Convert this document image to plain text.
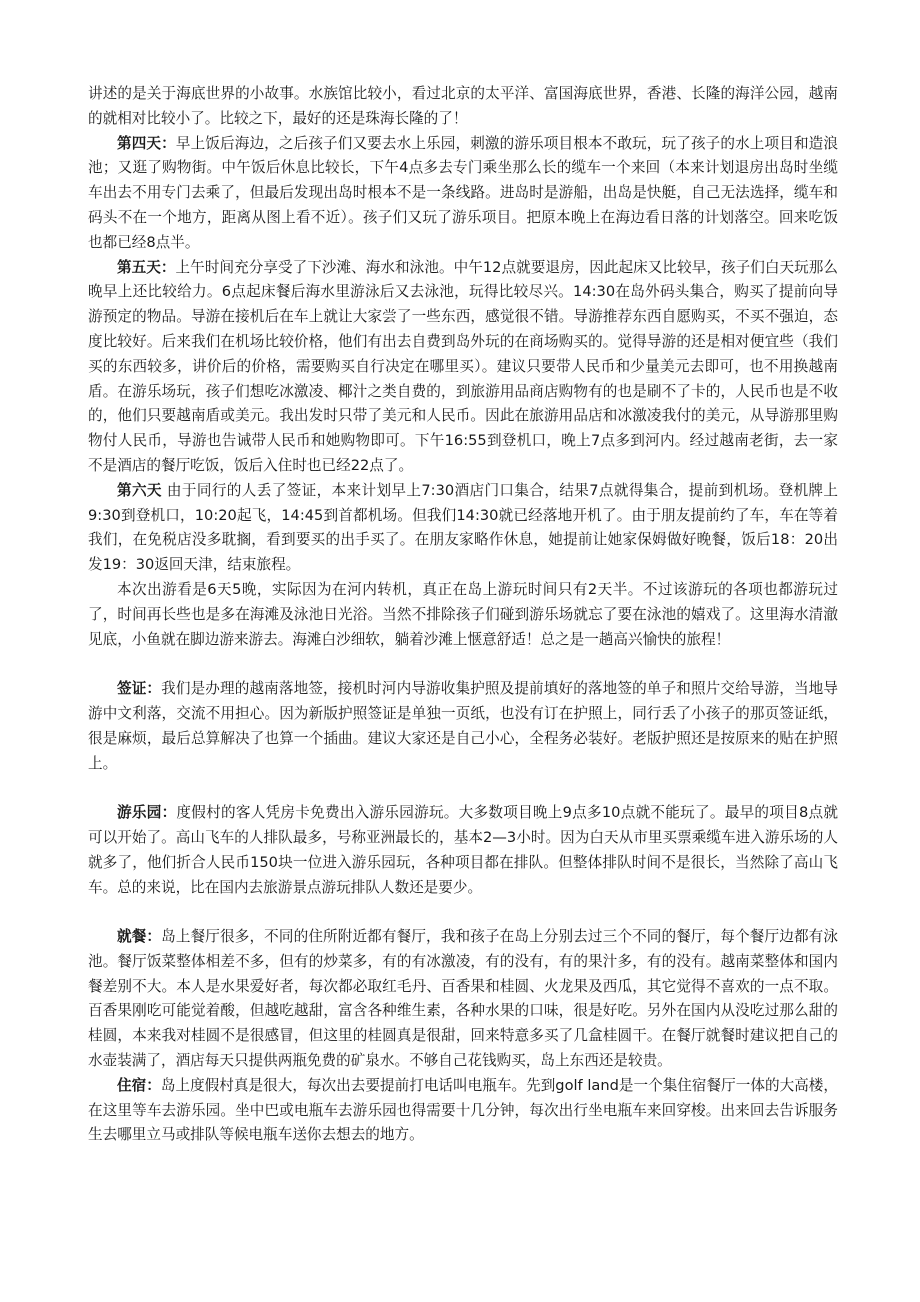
讲述的是关于海底世界的小故事。水族馆比较小，看过北京的太平洋、富国海底世界，香港、长隆的海洋公园，越南的就相对比较小了。比较之下，最好的还是珠海长隆的了！

第四天：早上饭后海边，之后孩子们又要去水上乐园，刺激的游乐项目根本不敢玩，玩了孩子的水上项目和造浪池；又逛了购物街。中午饭后休息比较长，下午4点多去专门乘坐那么长的缆车一个来回（本来计划退房出岛时坐缆车出去不用专门去乘了，但最后发现出岛时根本不是一条线路。进岛时是游船，出岛是快艇，自己无法选择，缆车和码头不在一个地方，距离从图上看不近）。孩子们又玩了游乐项目。把原本晚上在海边看日落的计划落空。回来吃饭也都已经8点半。

第五天：上午时间充分享受了下沙滩、海水和泳池。中午12点就要退房，因此起床又比较早，孩子们白天玩那么晚早上还比较给力。6点起床餐后海水里游泳后又去泳池，玩得比较尽兴。14:30在岛外码头集合，购买了提前向导游预定的物品。导游在接机后在车上就让大家尝了一些东西，感觉很不错。导游推荐东西自愿购买，不买不强迫，态度比较好。后来我们在机场比较价格，他们有出去自费到岛外玩的在商场购买的。觉得导游的还是相对便宜些（我们买的东西较多，讲价后的价格，需要购买自行决定在哪里买）。建议只要带人民币和少量美元去即可，也不用换越南盾。在游乐场玩，孩子们想吃冰激凌、椰汁之类自费的，到旅游用品商店购物有的也是刷不了卡的，人民币也是不收的，他们只要越南盾或美元。我出发时只带了美元和人民币。因此在旅游用品店和冰激凌我付的美元，从导游那里购物付人民币，导游也告诫带人民币和她购物即可。下午16:55到登机口，晚上7点多到河内。经过越南老街，去一家不是酒店的餐厅吃饭，饭后入住时也已经22点了。

第六天 由于同行的人丢了签证，本来计划早上7:30酒店门口集合，结果7点就得集合，提前到机场。登机牌上9:30到登机口，10:20起飞，14:45到首都机场。但我们14:30就已经落地开机了。由于朋友提前约了车，车在等着我们，在免税店没多耽搁，看到要买的出手买了。在朋友家略作休息，她提前让她家保姆做好晚餐，饭后18：20出发19：30返回天津，结束旅程。

本次出游看是6天5晚，实际因为在河内转机，真正在岛上游玩时间只有2天半。不过该游玩的各项也都游玩过了，时间再长些也是多在海滩及泳池日光浴。当然不排除孩子们碰到游乐场就忘了要在泳池的嬉戏了。这里海水清澈见底，小鱼就在脚边游来游去。海滩白沙细软，躺着沙滩上惬意舒适！总之是一趟高兴愉快的旅程！

签证：我们是办理的越南落地签，接机时河内导游收集护照及提前填好的落地签的单子和照片交给导游，当地导游中文利落，交流不用担心。因为新版护照签证是单独一页纸，也没有订在护照上，同行丢了小孩子的那页签证纸，很是麻烦，最后总算解决了也算一个插曲。建议大家还是自己小心，全程务必装好。老版护照还是按原来的贴在护照上。

游乐园：度假村的客人凭房卡免费出入游乐园游玩。大多数项目晚上9点多10点就不能玩了。最早的项目8点就可以开始了。高山飞车的人排队最多，号称亚洲最长的，基本2—3小时。因为白天从市里买票乘缆车进入游乐场的人就多了，他们折合人民币150块一位进入游乐园玩，各种项目都在排队。但整体排队时间不是很长，当然除了高山飞车。总的来说，比在国内去旅游景点游玩排队人数还是要少。

就餐：岛上餐厅很多，不同的住所附近都有餐厅，我和孩子在岛上分别去过三个不同的餐厅，每个餐厅边都有泳池。餐厅饭菜整体相差不多，但有的炒菜多，有的有冰激凌，有的没有，有的果汁多，有的没有。越南菜整体和国内餐差别不大。本人是水果爱好者，每次都必取红毛丹、百香果和桂圆、火龙果及西瓜，其它觉得不喜欢的一点不取。百香果刚吃可能觉着酸，但越吃越甜，富含各种维生素，各种水果的口味，很是好吃。另外在国内从没吃过那么甜的桂圆，本来我对桂圆不是很感冒，但这里的桂圆真是很甜，回来特意多买了几盒桂圆干。在餐厅就餐时建议把自己的水壶装满了，酒店每天只提供两瓶免费的矿泉水。不够自己花钱购买，岛上东西还是较贵。

住宿：岛上度假村真是很大，每次出去要提前打电话叫电瓶车。先到golf land是一个集住宿餐厅一体的大高楼，在这里等车去游乐园。坐中巴或电瓶车去游乐园也得需要十几分钟，每次出行坐电瓶车来回穿梭。出来回去告诉服务生去哪里立马或排队等候电瓶车送你去想去的地方。
